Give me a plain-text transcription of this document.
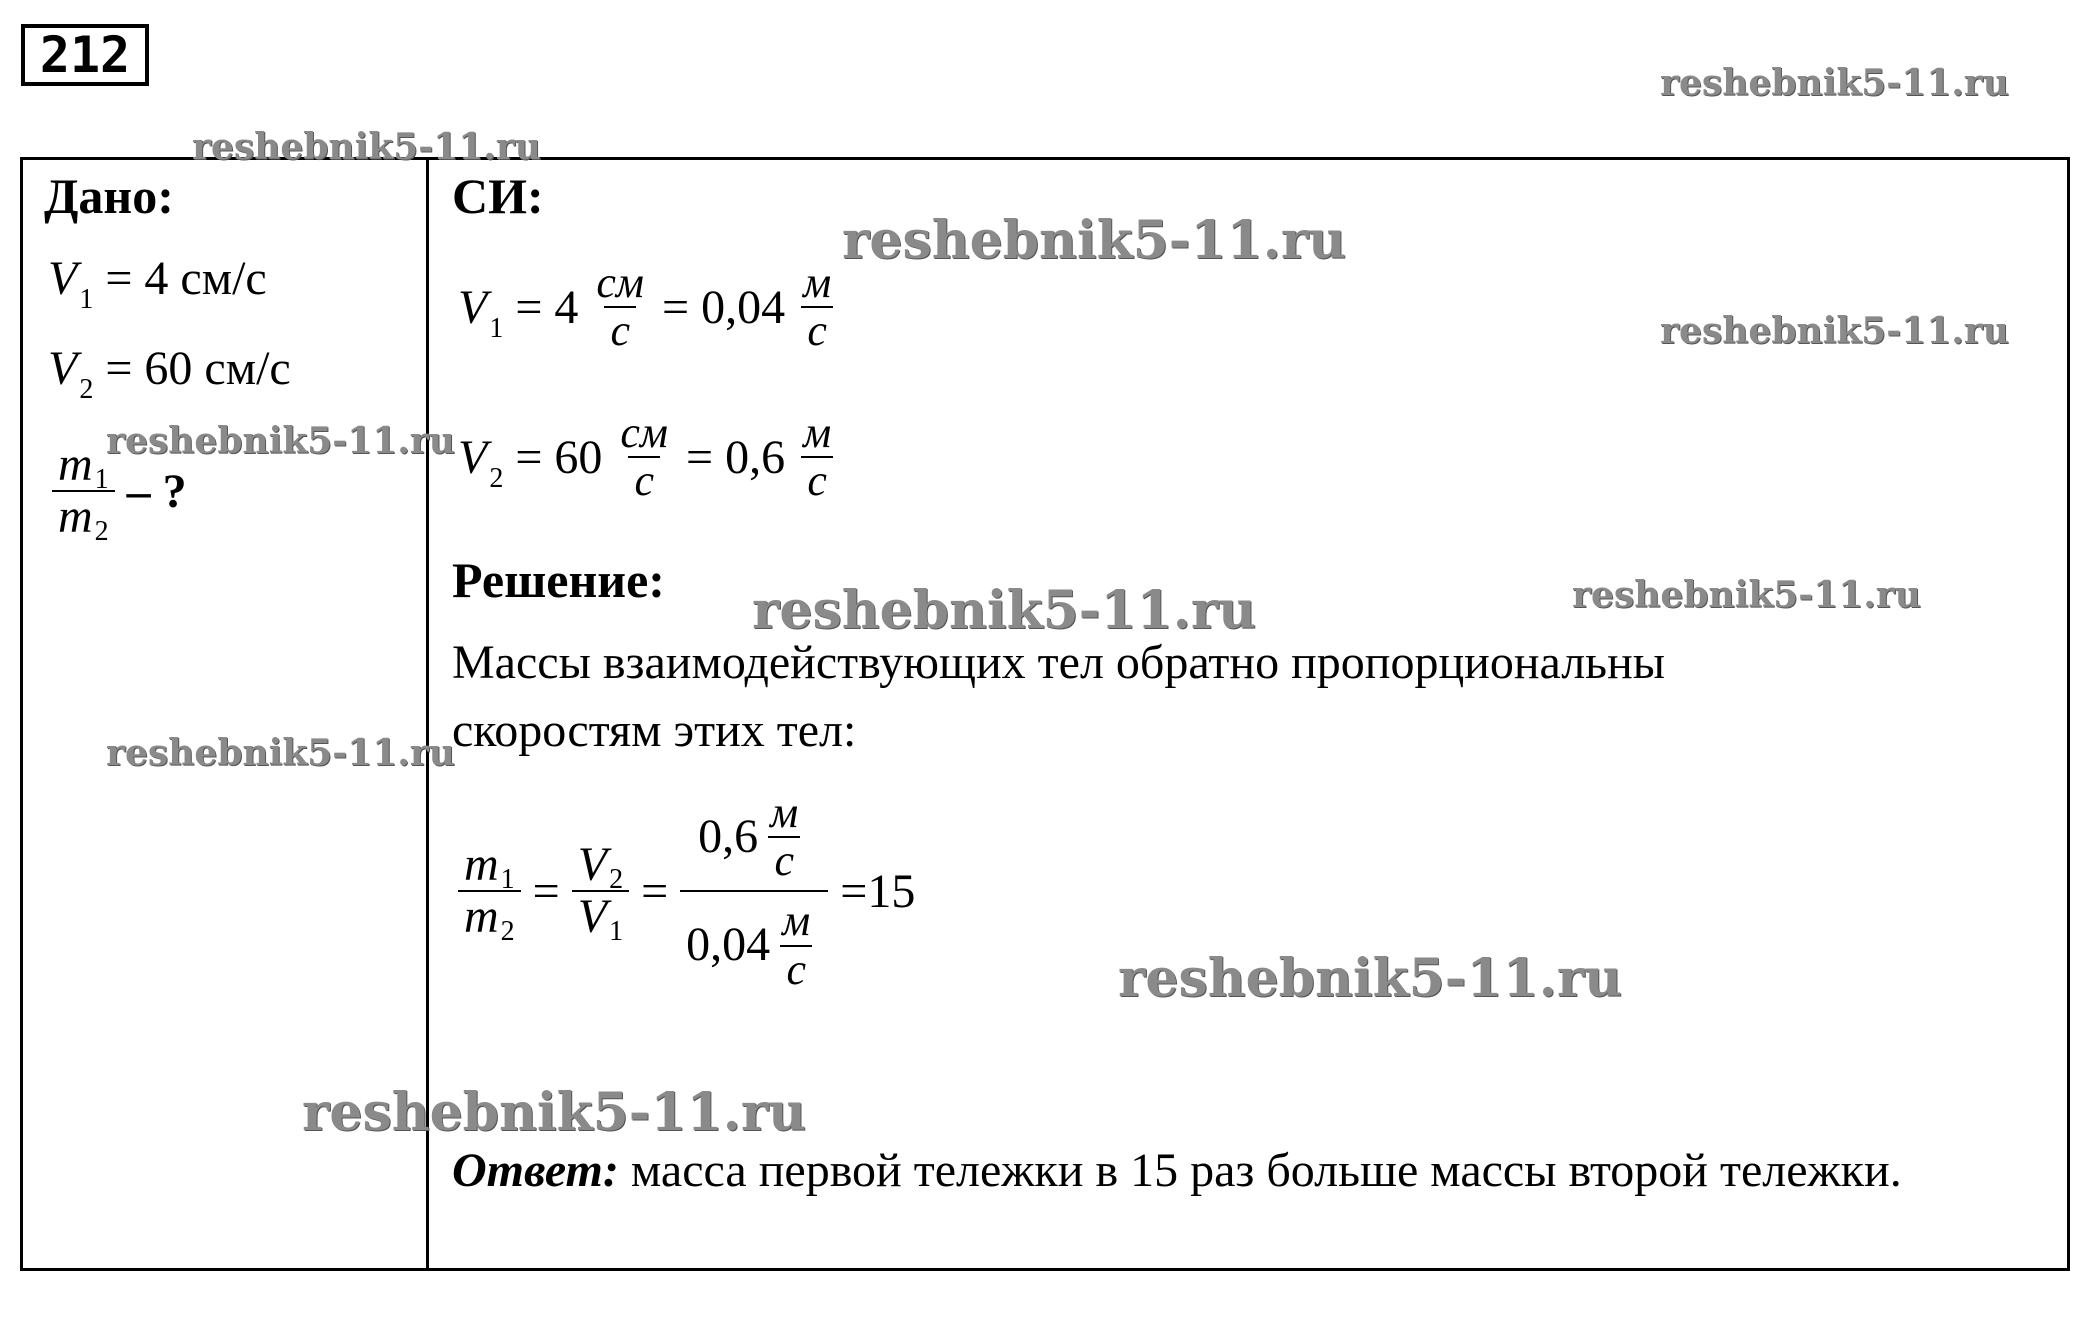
212
Дано:
$V_1 = 4$ см/с
$V_2 = 60$ см/с
$\frac{m1}{m2}$ – ?
СИ:
$V_1 = 4 \frac{см}{с} = 0,04 \frac{м}{с}$
$V_2 = 60 \frac{см}{с} = 0,6 \frac{м}{с}$
Решение:
Массы взаимодействующих тел обратно пропорциональны
скоростям этих тел:
$\frac{m1}{m2} = \frac{V2}{V1} = \frac{0,6 \frac{м}{с}}{0,04 \frac{м}{с}} =15$
Ответ: масса первой тележки в 15 раз больше массы второй тележки.
reshebnik5-11.ru
reshebnik5-11.ru
reshebnik5-11.ru
reshebnik5-11.ru
reshebnik5-11.ru
reshebnik5-11.ru	reshebnik5-11.ru
reshebnik5-11.ru
reshebnik5-11.ru
reshebnik5-11.ru
